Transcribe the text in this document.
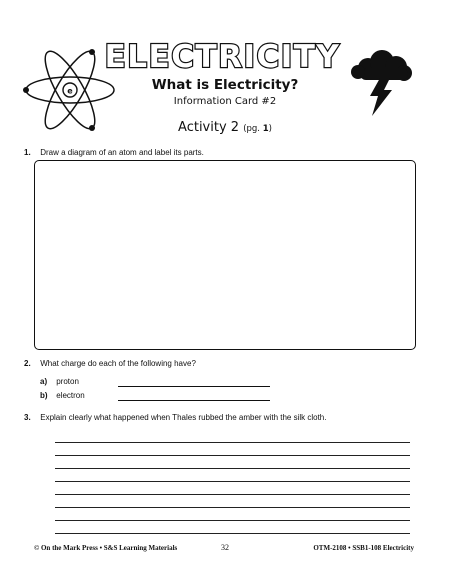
ELECTRICITY
e	What is Electricity?
Information Card #2
Activity 2 (pg. 1)
1. Draw a diagram of an atom and label its parts.
2. What charge do each of the following have?
a) proton
b) electron
3. Explain clearly what happened when Thales rubbed the amber with the silk cloth.
© On the Mark Press • S&S Learning Materials	32	OTM-2108 • SSB1-108 Electricity
